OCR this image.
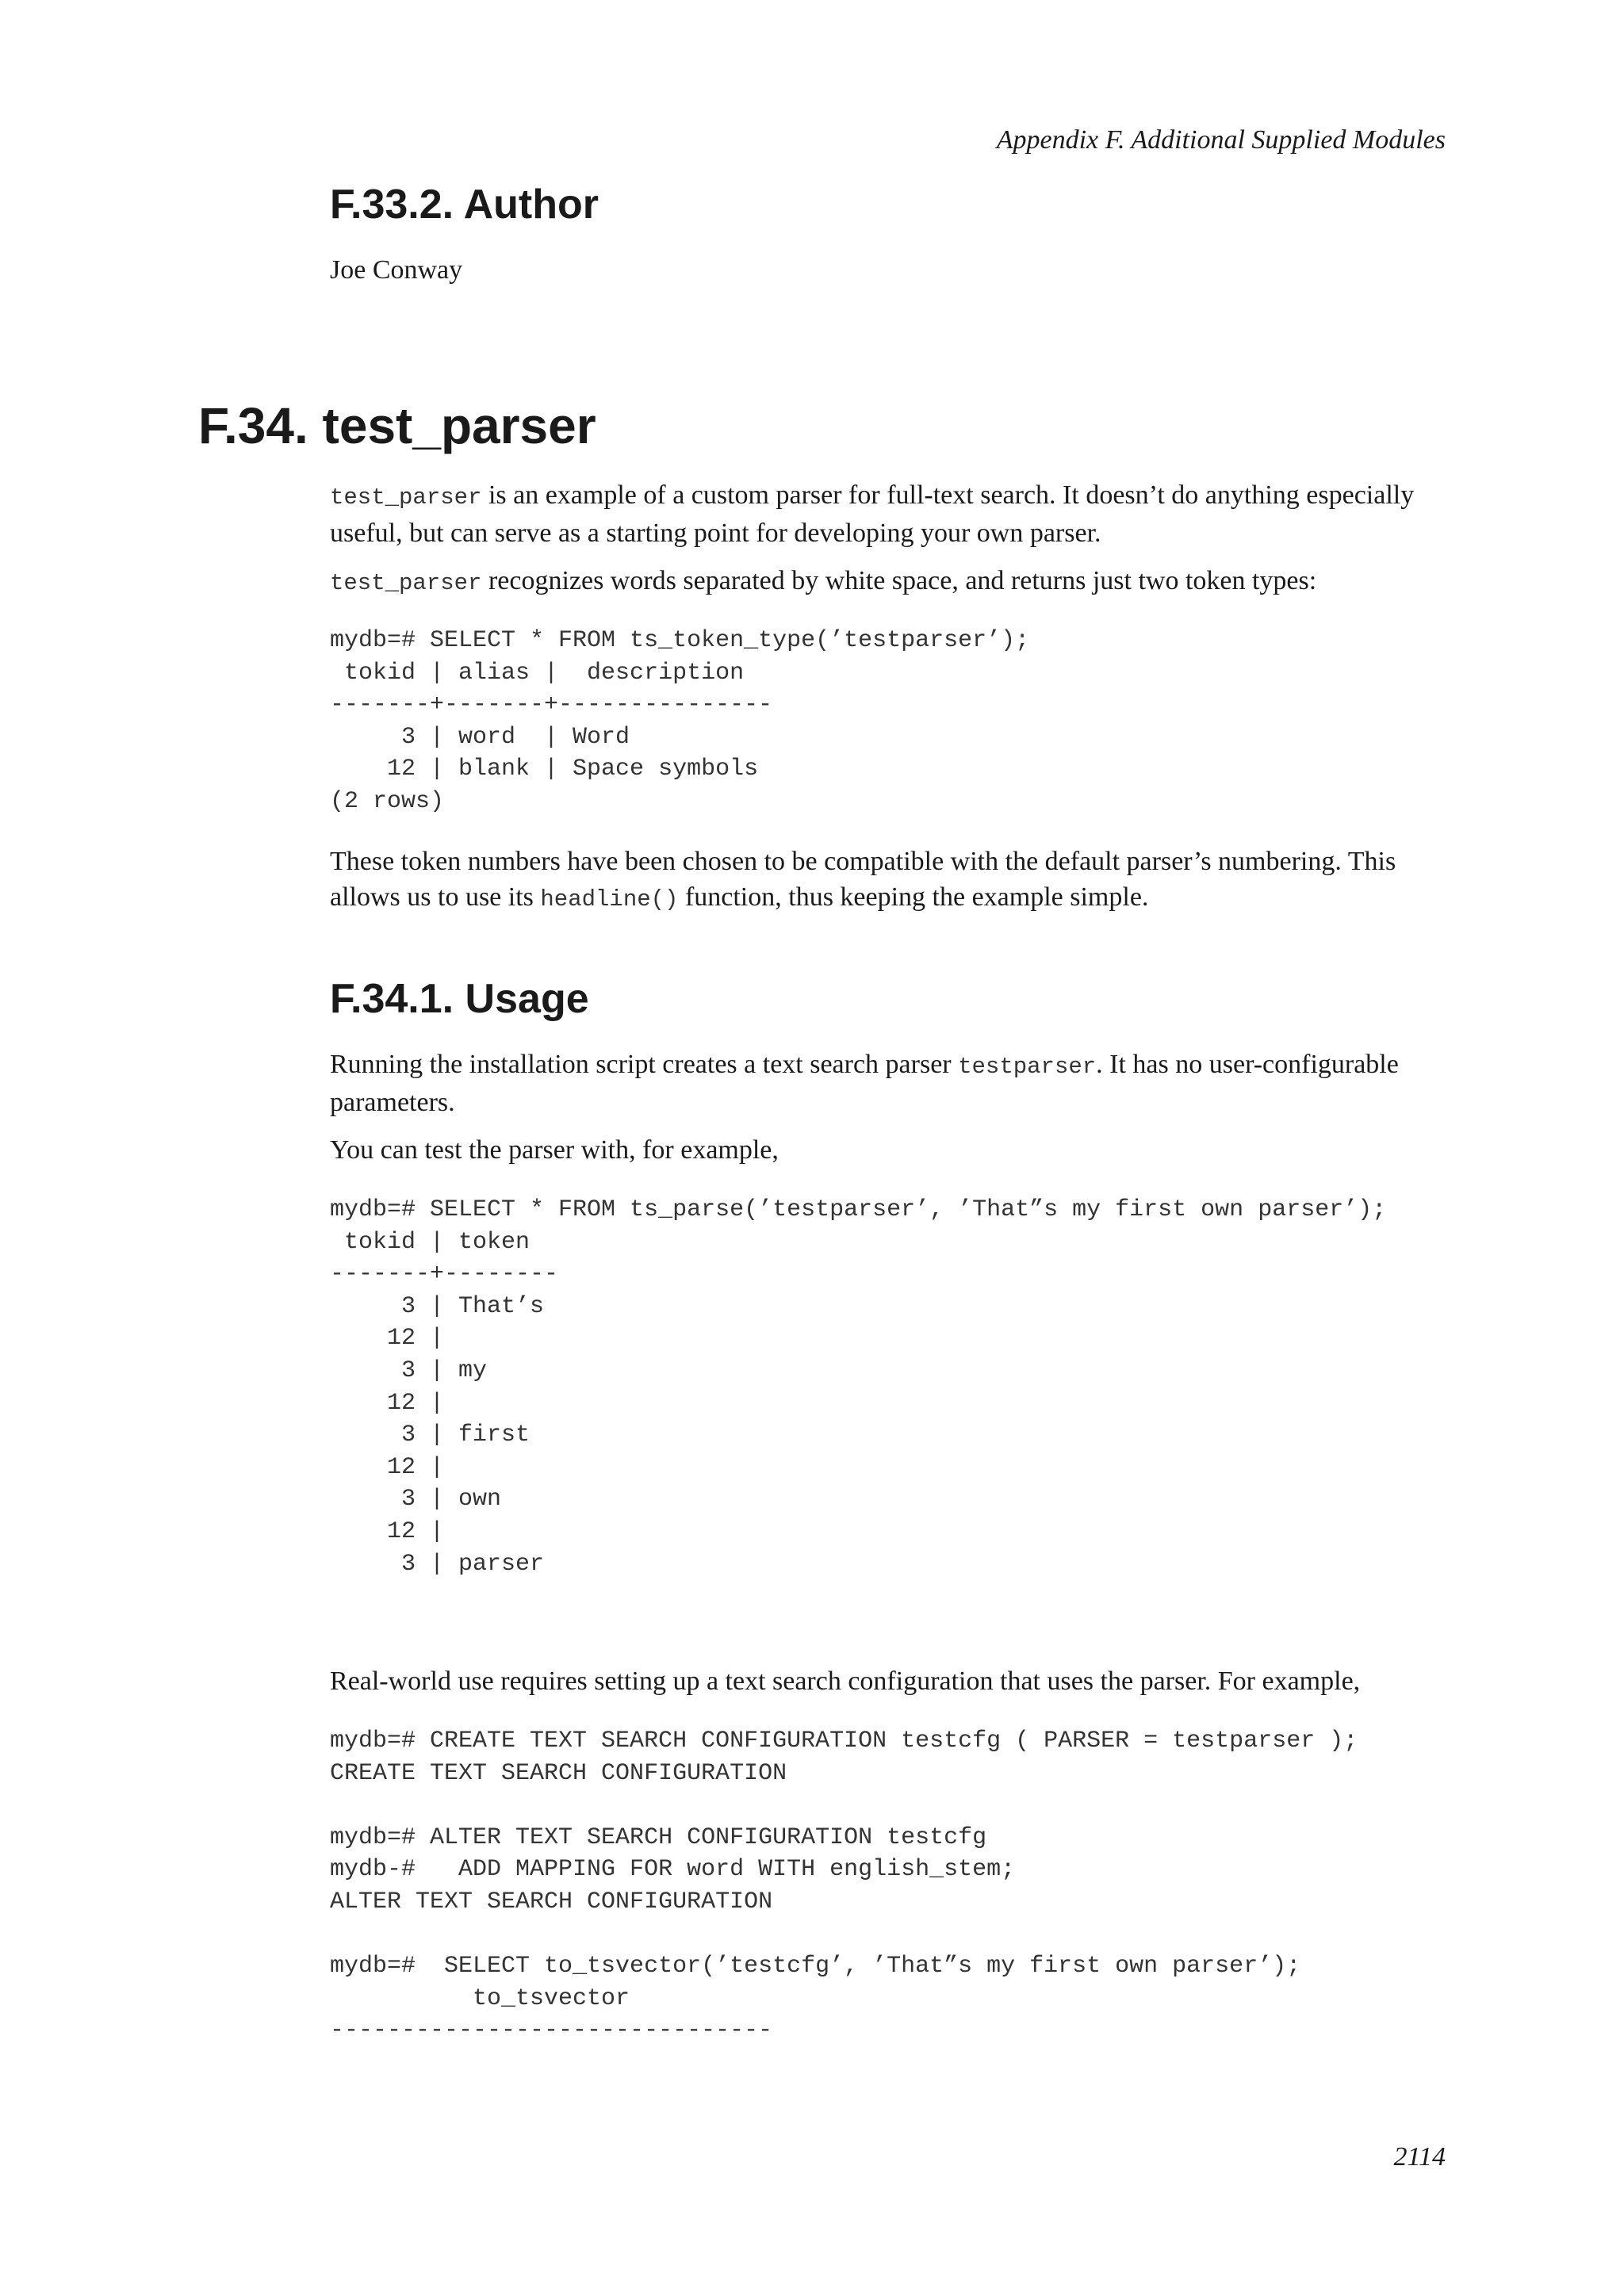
Appendix F. Additional Supplied Modules
F.33.2. Author

Joe Conway

F.34. test_parser

test_parser is an example of a custom parser for full-text search. It doesn’t do anything especially useful, but can serve as a starting point for developing your own parser.

test_parser recognizes words separated by white space, and returns just two token types:

mydb=# SELECT * FROM ts_token_type(’testparser’);
tokid | alias |  description
-------+-------+---------------
3 | word  | Word
12 | blank | Space symbols
(2 rows)

These token numbers have been chosen to be compatible with the default parser’s numbering. This allows us to use its headline() function, thus keeping the example simple.

F.34.1. Usage

Running the installation script creates a text search parser testparser. It has no user-configurable parameters.

You can test the parser with, for example,

mydb=# SELECT * FROM ts_parse(’testparser’, ’That”s my first own parser’);
tokid | token
-------+--------
3 | That’s
12 |
3 | my
12 |
3 | first
12 |
3 | own
12 |
3 | parser

Real-world use requires setting up a text search configuration that uses the parser. For example,

mydb=# CREATE TEXT SEARCH CONFIGURATION testcfg ( PARSER = testparser );
CREATE TEXT SEARCH CONFIGURATION

mydb=# ALTER TEXT SEARCH CONFIGURATION testcfg
mydb-#   ADD MAPPING FOR word WITH english_stem;
ALTER TEXT SEARCH CONFIGURATION

mydb=#  SELECT to_tsvector(’testcfg’, ’That”s my first own parser’);
to_tsvector
-------------------------------
2114
